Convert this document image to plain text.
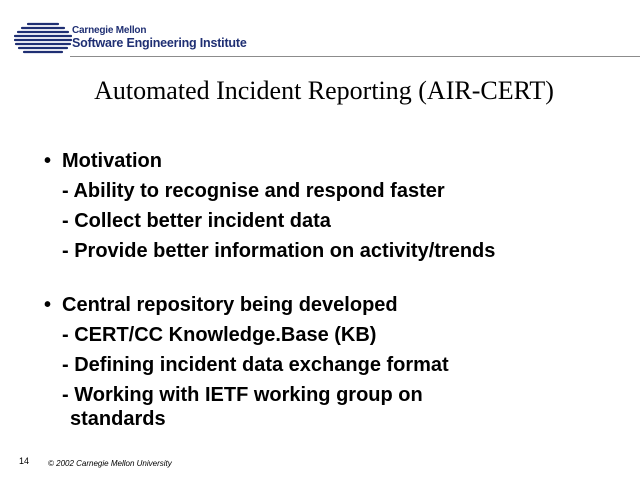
Carnegie Mellon
Software Engineering Institute
Automated Incident Reporting (AIR-CERT)
• Motivation
- Ability to recognise and respond faster
- Collect better incident data
- Provide better information on activity/trends
• Central repository being developed
- CERT/CC Knowledge.Base (KB)
- Defining incident data exchange format
- Working with IETF working group on
standards
14 © 2002 Carnegie Mellon University
